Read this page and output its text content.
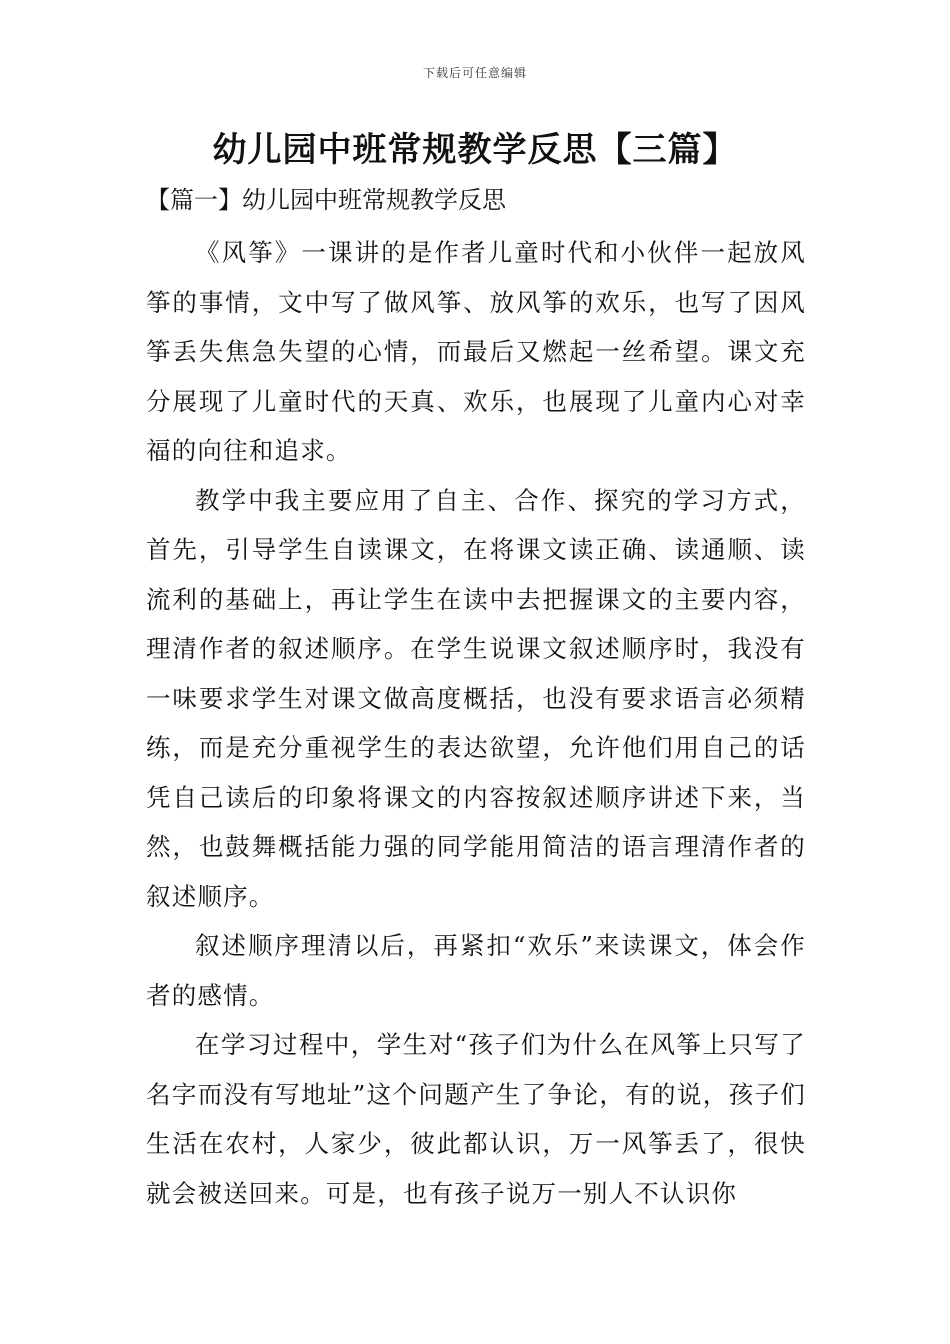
下载后可任意编辑
幼儿园中班常规教学反思【三篇】
【篇一】幼儿园中班常规教学反思

《风筝》一课讲的是作者儿童时代和小伙伴一起放风筝的事情，文中写了做风筝、放风筝的欢乐，也写了因风筝丢失焦急失望的心情，而最后又燃起一丝希望。课文充分展现了儿童时代的天真、欢乐，也展现了儿童内心对幸福的向往和追求。

教学中我主要应用了自主、合作、探究的学习方式，首先，引导学生自读课文，在将课文读正确、读通顺、读流利的基础上，再让学生在读中去把握课文的主要内容，理清作者的叙述顺序。在学生说课文叙述顺序时，我没有一味要求学生对课文做高度概括，也没有要求语言必须精练，而是充分重视学生的表达欲望，允许他们用自己的话凭自己读后的印象将课文的内容按叙述顺序讲述下来，当然，也鼓舞概括能力强的同学能用简洁的语言理清作者的叙述顺序。

叙述顺序理清以后，再紧扣“欢乐”来读课文，体会作者的感情。

在学习过程中，学生对“孩子们为什么在风筝上只写了名字而没有写地址”这个问题产生了争论，有的说，孩子们生活在农村，人家少，彼此都认识，万一风筝丢了，很快就会被送回来。可是，也有孩子说万一别人不认识你
